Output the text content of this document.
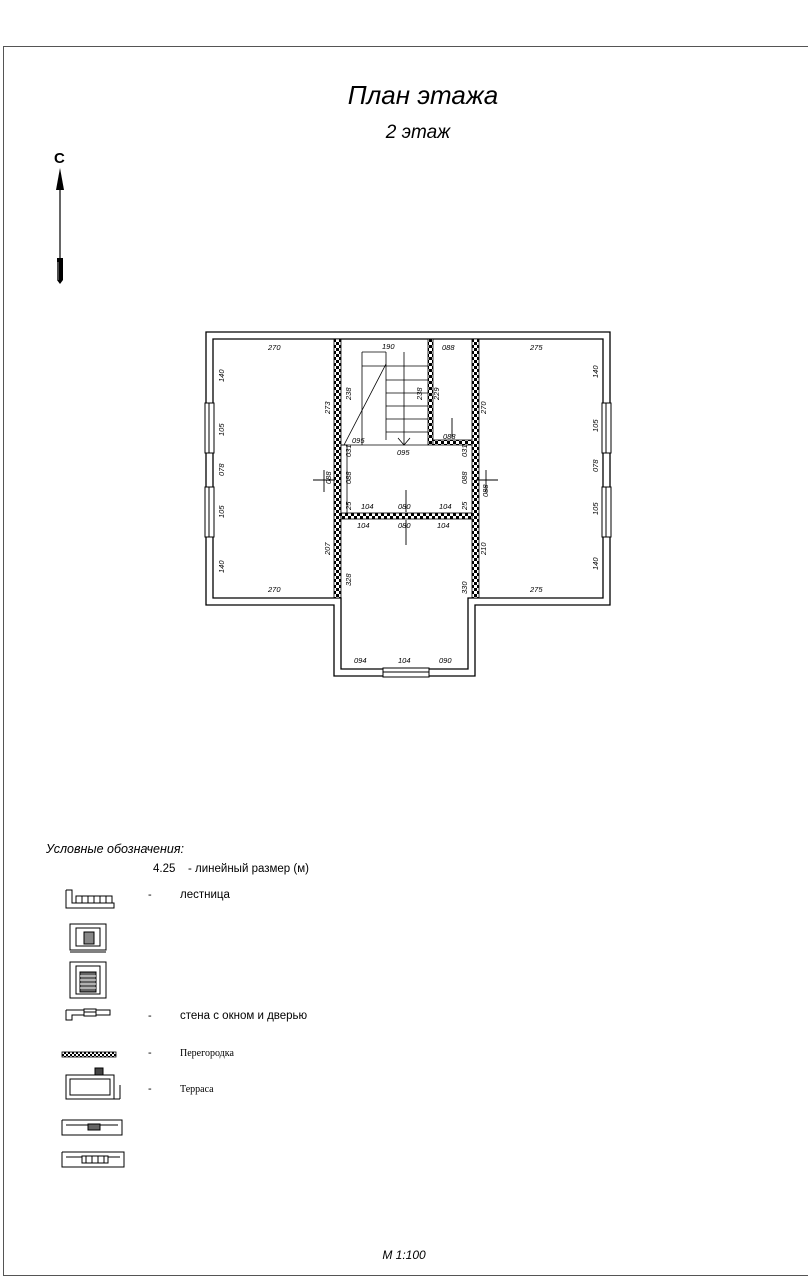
План этажа
2 этаж
С
270
270
140
105
078
105
140
273
207
328
088
031
088
25
190
238	238 229
095
095
088
088
104	080	104
104	080	104
031
088
25
088
330
270
210
275
275
140
105
078
105
140
094	104	090
Условные обозначения:
4.25 - линейный размер (м)
- лестница
- стена с окном и дверью
-	Перегородка
-	Терраса
М 1:100
